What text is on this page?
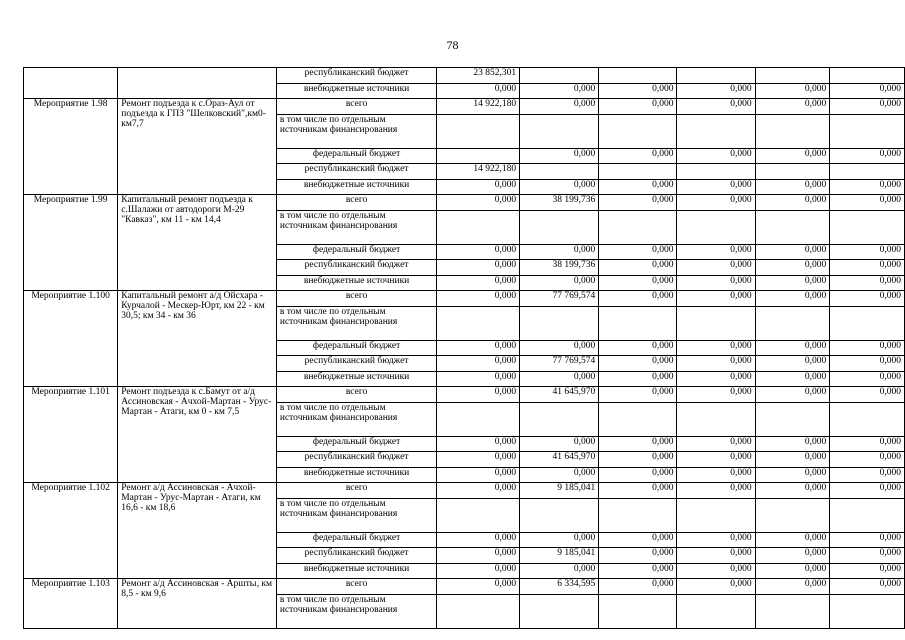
78
		республиканский бюджет	23 852,301					
		внебюджетные источники	0,000	0,000	0,000	0,000	0,000	0,000
Мероприятие 1.98	Ремонт подъезда к с.Ораз-Аул от подъезда к ГПЗ "Шелковский",км0-км7,7	всего	14 922,180	0,000	0,000	0,000	0,000	0,000
		в том числе по отдельным источникам финансирования						
		федеральный бюджет		0,000	0,000	0,000	0,000	0,000
		республиканский бюджет	14 922,180					
		внебюджетные источники	0,000	0,000	0,000	0,000	0,000	0,000
Мероприятие 1.99	Капитальный ремонт подъезда к с.Шалажи от автодороги М-29 "Кавказ", км 11 - км 14,4	всего	0,000	38 199,736	0,000	0,000	0,000	0,000
		в том числе по отдельным источникам финансирования						
		федеральный бюджет	0,000	0,000	0,000	0,000	0,000	0,000
		республиканский бюджет	0,000	38 199,736	0,000	0,000	0,000	0,000
		внебюджетные источники	0,000	0,000	0,000	0,000	0,000	0,000
Мероприятие 1.100	Капитальный ремонт а/д Ойсхара - Курчалой - Мескер-Юрт, км 22 - км 30,5; км 34 - км 36	всего	0,000	77 769,574	0,000	0,000	0,000	0,000
		в том числе по отдельным источникам финансирования						
		федеральный бюджет	0,000	0,000	0,000	0,000	0,000	0,000
		республиканский бюджет	0,000	77 769,574	0,000	0,000	0,000	0,000
		внебюджетные источники	0,000	0,000	0,000	0,000	0,000	0,000
Мероприятие 1.101	Ремонт подъезда к с.Бамут от а/д Ассиновская - Ачхой-Мартан - Урус-Мартан - Атаги, км 0 - км 7,5	всего	0,000	41 645,970	0,000	0,000	0,000	0,000
		в том числе по отдельным источникам финансирования						
		федеральный бюджет	0,000	0,000	0,000	0,000	0,000	0,000
		республиканский бюджет	0,000	41 645,970	0,000	0,000	0,000	0,000
		внебюджетные источники	0,000	0,000	0,000	0,000	0,000	0,000
Мероприятие 1.102	Ремонт а/д Ассиновская - Ачхой-Мартан - Урус-Мартан - Атаги, км 16,6 - км 18,6	всего	0,000	9 185,041	0,000	0,000	0,000	0,000
		в том числе по отдельным источникам финансирования						
		федеральный бюджет	0,000	0,000	0,000	0,000	0,000	0,000
		республиканский бюджет	0,000	9 185,041	0,000	0,000	0,000	0,000
		внебюджетные источники	0,000	0,000	0,000	0,000	0,000	0,000
Мероприятие 1.103	Ремонт а/д Ассиновская - Арштьı, км 8,5 - км 9,6	всего	0,000	6 334,595	0,000	0,000	0,000	0,000
		в том числе по отдельным источникам финансирования						
